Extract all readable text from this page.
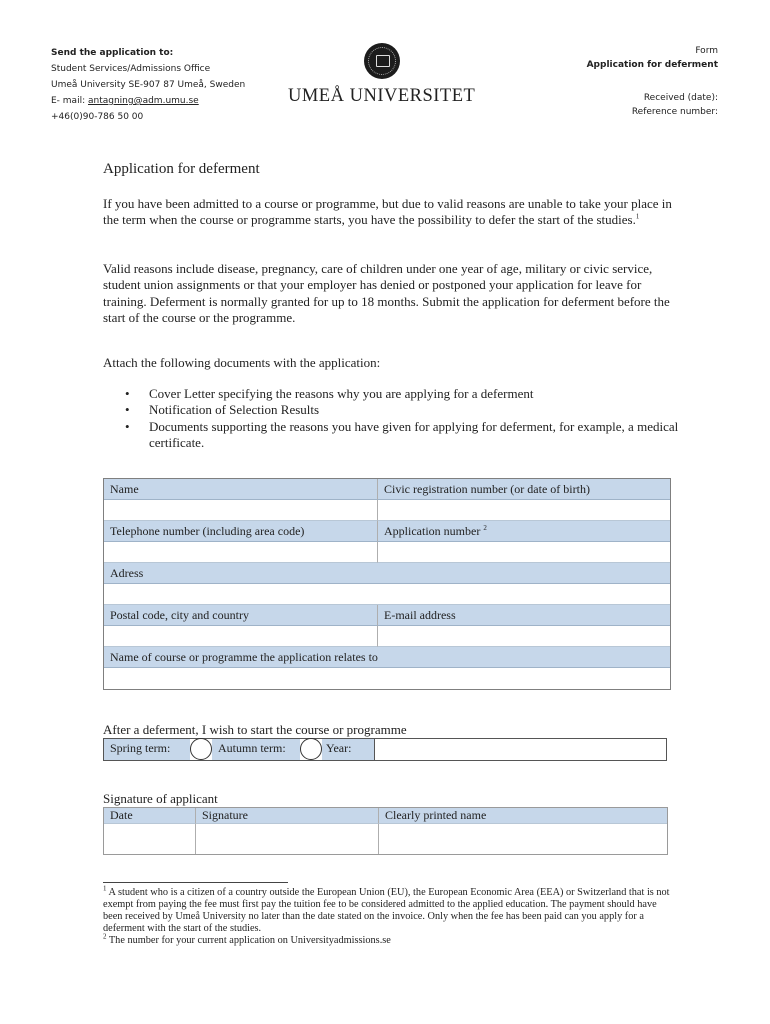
Send the application to:
Student Services/Admissions Office
Umeå University SE-907 87 Umeå, Sweden
E- mail: antagning@adm.umu.se
+46(0)90-786 50 00
UMEÅ UNIVERSITET
Form
Application for deferment
Received (date):
Reference number:
Application for deferment
If you have been admitted to a course or programme, but due to valid reasons are unable to take your place in the term when the course or programme starts, you have the possibility to defer the start of the studies.$^1$
Valid reasons include disease, pregnancy, care of children under one year of age, military or civic service, student union assignments or that your employer has denied or postponed your application for leave for training. Deferment is normally granted for up to 18 months. Submit the application for deferment before the start of the course or the programme.
Attach the following documents with the application:
• Cover Letter specifying the reasons why you are applying for a deferment
• Notification of Selection Results
• Documents supporting the reasons you have given for applying for deferment, for example, a medical certificate.
Name	Civic registration number (or date of birth)
Telephone number (including area code)	Application number $^2$
Adress
Postal code, city and country	E-mail address
Name of course or programme the application relates to
After a deferment, I wish to start the course or programme
Spring term:	Autumn term:	Year:
Signature of applicant
Date	Signature	Clearly printed name
$^1$ A student who is a citizen of a country outside the European Union (EU), the European Economic Area (EEA) or Switzerland that is not exempt from paying the fee must first pay the tuition fee to be considered admitted to the applied education. The payment should have been received by Umeå University no later than the date stated on the invoice. Only when the fee has been paid can you apply for a deferment with the start of the studies.
$^2$ The number for your current application on Universityadmissions.se
